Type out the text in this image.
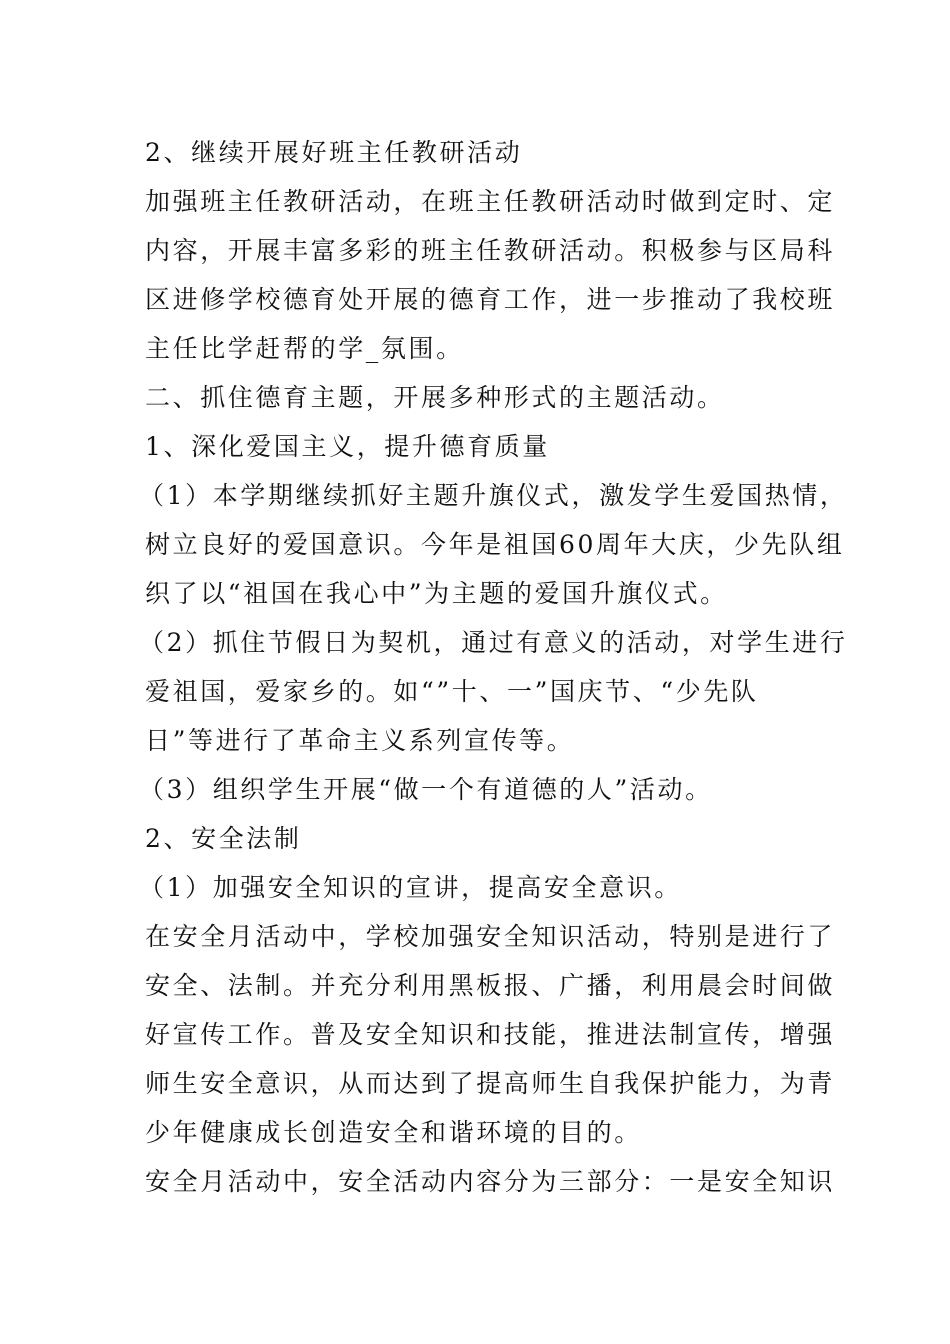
2、继续开展好班主任教研活动
加强班主任教研活动，在班主任教研活动时做到定时、定
内容，开展丰富多彩的班主任教研活动。积极参与区局科
区进修学校德育处开展的德育工作，进一步推动了我校班
主任比学赶帮的学_氛围。
二、抓住德育主题，开展多种形式的主题活动。
1、深化爱国主义，提升德育质量
（1）本学期继续抓好主题升旗仪式，激发学生爱国热情，
树立良好的爱国意识。今年是祖国60周年大庆，少先队组
织了以“祖国在我心中”为主题的爱国升旗仪式。
（2）抓住节假日为契机，通过有意义的活动，对学生进行
爱祖国，爱家乡的。如“”十、一”国庆节、“少先队
日”等进行了革命主义系列宣传等。
（3）组织学生开展“做一个有道德的人”活动。
2、安全法制
（1）加强安全知识的宣讲，提高安全意识。
在安全月活动中，学校加强安全知识活动，特别是进行了
安全、法制。并充分利用黑板报、广播，利用晨会时间做
好宣传工作。普及安全知识和技能，推进法制宣传，增强
师生安全意识，从而达到了提高师生自我保护能力，为青
少年健康成长创造安全和谐环境的目的。
安全月活动中，安全活动内容分为三部分：一是安全知识
